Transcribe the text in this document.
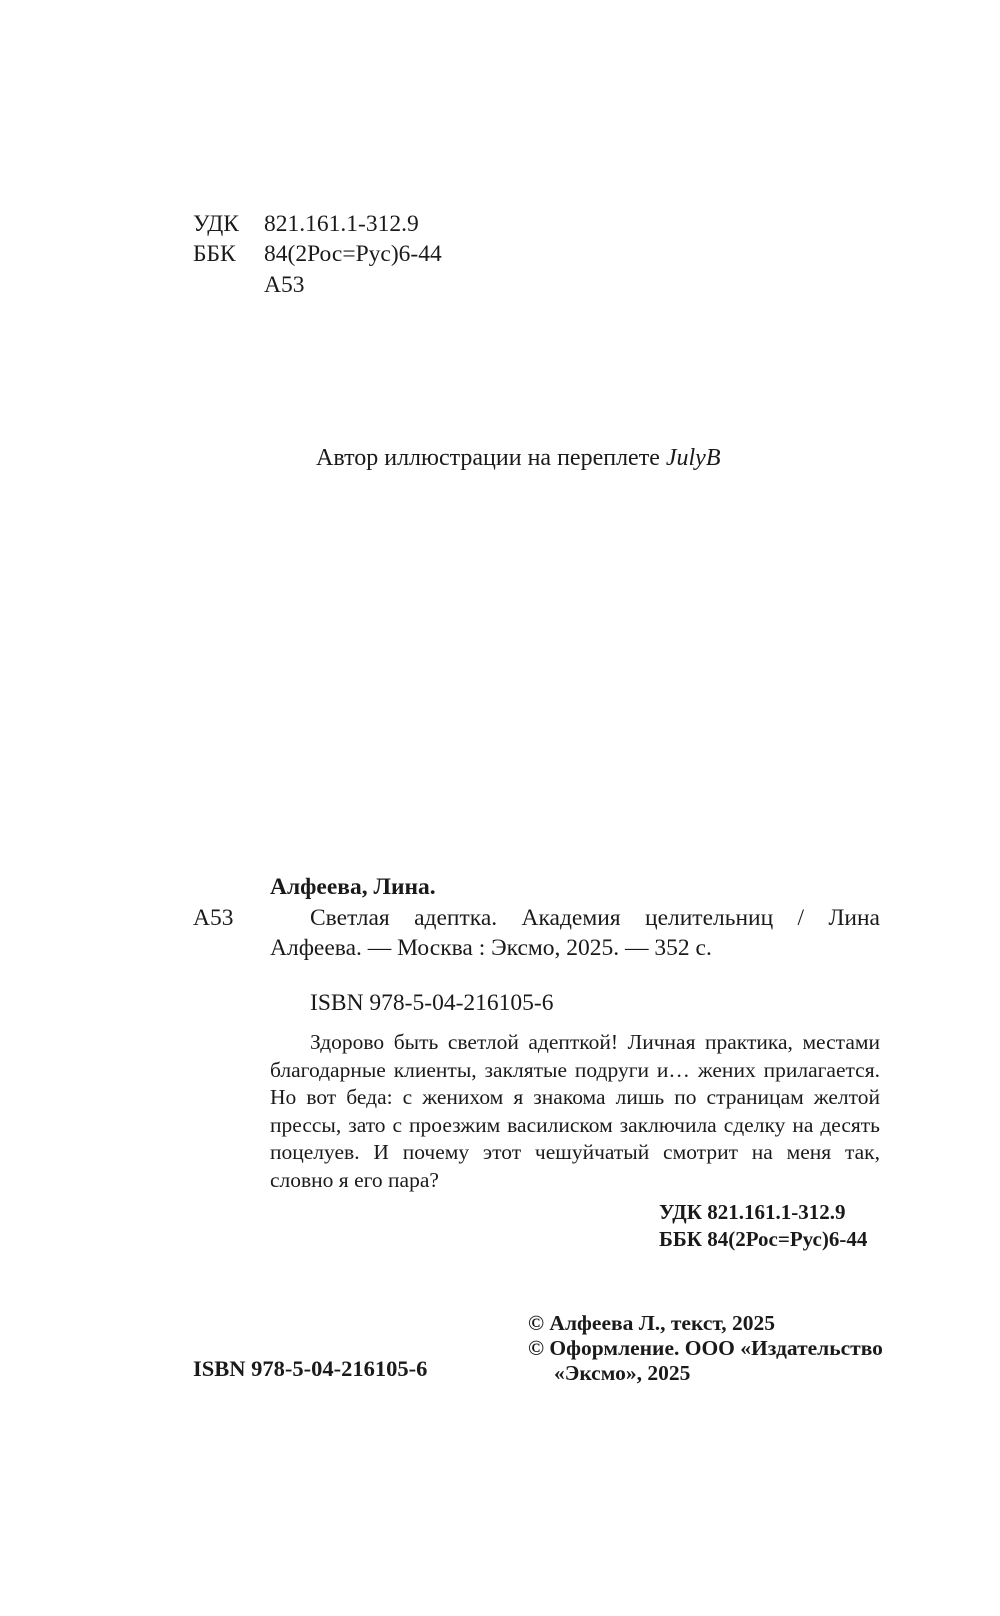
УДК 821.161.1-312.9
ББК 84(2Рос=Рус)6-44
А53
Автор иллюстрации на переплете JulyB
Алфеева, Лина.
А53	Светлая адептка. Академия целительниц / Лина Алфеева. — Москва : Эксмо, 2025. — 352 с.
ISBN 978-5-04-216105-6
Здорово быть светлой адепткой! Личная практика, местами благодарные клиенты, заклятые подруги и… жених прилагается. Но вот беда: с женихом я знакома лишь по страницам желтой прессы, зато с проезжим василиском заключила сделку на десять поцелуев. И почему этот чешуйчатый смотрит на меня так, словно я его пара?
УДК 821.161.1-312.9
ББК 84(2Рос=Рус)6-44
© Алфеева Л., текст, 2025
© Оформление. ООО «Издательство
«Эксмо», 2025
ISBN 978-5-04-216105-6
